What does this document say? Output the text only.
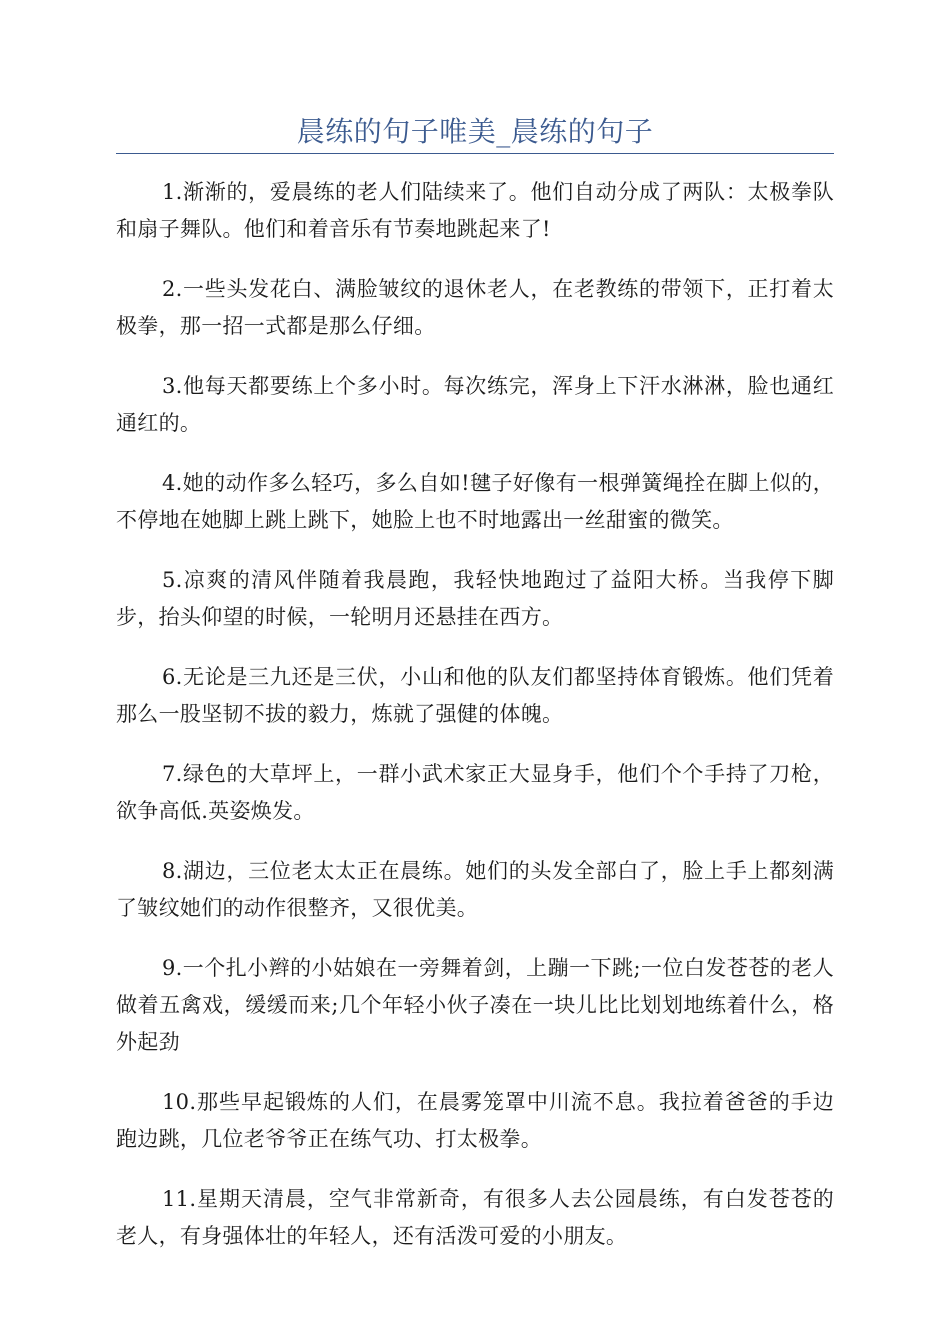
晨练的句子唯美_晨练的句子

1.渐渐的，爱晨练的老人们陆续来了。他们自动分成了两队：太极拳队和扇子舞队。他们和着音乐有节奏地跳起来了!

2.一些头发花白、满脸皱纹的退休老人，在老教练的带领下，正打着太极拳，那一招一式都是那么仔细。

3.他每天都要练上个多小时。每次练完，浑身上下汗水淋淋，脸也通红通红的。

4.她的动作多么轻巧，多么自如!毽子好像有一根弹簧绳拴在脚上似的，不停地在她脚上跳上跳下，她脸上也不时地露出一丝甜蜜的微笑。

5.凉爽的清风伴随着我晨跑，我轻快地跑过了益阳大桥。当我停下脚步，抬头仰望的时候，一轮明月还悬挂在西方。

6.无论是三九还是三伏，小山和他的队友们都坚持体育锻炼。他们凭着那么一股坚韧不拔的毅力，炼就了强健的体魄。

7.绿色的大草坪上，一群小武术家正大显身手，他们个个手持了刀枪，欲争高低.英姿焕发。

8.湖边，三位老太太正在晨练。她们的头发全部白了，脸上手上都刻满了皱纹她们的动作很整齐，又很优美。

9.一个扎小辫的小姑娘在一旁舞着剑，上蹦一下跳;一位白发苍苍的老人做着五禽戏，缓缓而来;几个年轻小伙子凑在一块儿比比划划地练着什么，格外起劲

10.那些早起锻炼的人们，在晨雾笼罩中川流不息。我拉着爸爸的手边跑边跳，几位老爷爷正在练气功、打太极拳。

11.星期天清晨，空气非常新奇，有很多人去公园晨练，有白发苍苍的老人，有身强体壮的年轻人，还有活泼可爱的小朋友。
